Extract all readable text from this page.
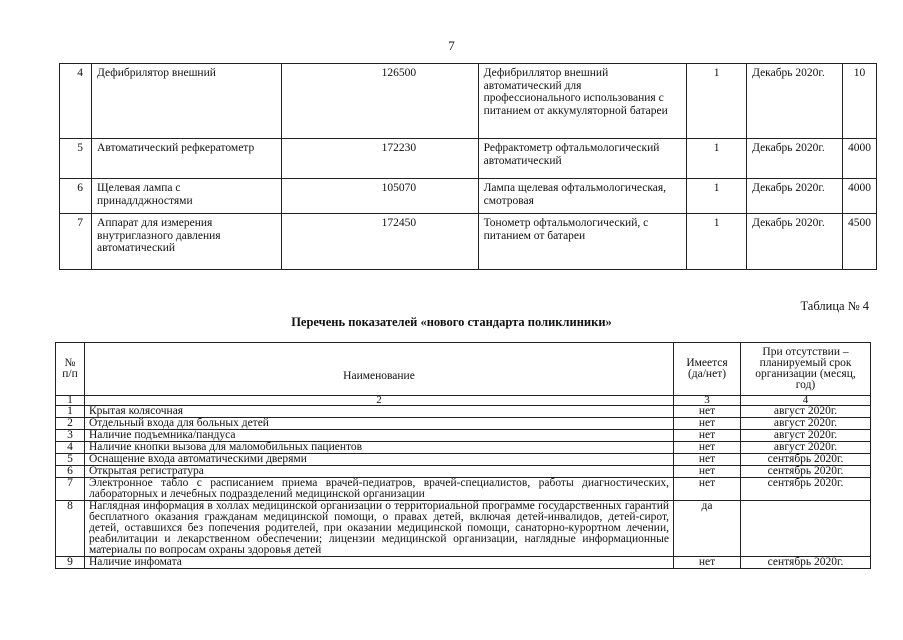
7
4	Дефибрилятор внешний	126500	Дефибриллятор внешний автоматический для профессионального использования с питанием от аккумуляторной батареи	1	Декабрь 2020г.	10
5	Автоматический рефкератометр	172230	Рефрактометр офтальмологический автоматический	1	Декабрь 2020г.	4000
6	Щелевая лампа с принадлджностями	105070	Лампа щелевая офтальмологическая, смотровая	1	Декабрь 2020г.	4000
7	Аппарат для измерения внутриглазного давления автоматический	172450	Тонометр офтальмологический, с питанием от батареи	1	Декабрь 2020г.	4500
Таблица № 4
Перечень показателей «нового стандарта поликлиники»
№ п/п	Наименование	Имеется (да/нет)	При отсутствии – планируемый срок организации (месяц, год)
1	2	3	4
1	Крытая колясочная	нет	август 2020г.
2	Отдельный входа для больных детей	нет	август 2020г.
3	Наличие подъемника/пандуса	нет	август 2020г.
4	Наличие кнопки вызова для маломобильных пациентов	нет	август 2020г.
5	Оснащение входа автоматическими дверями	нет	сентябрь 2020г.
6	Открытая регистратура	нет	сентябрь 2020г.
7	Электронное табло с расписанием приема врачей-педиатров, врачей-специалистов, работы диагностических, лабораторных и лечебных подразделений медицинской организации	нет	сентябрь 2020г.
8	Наглядная информация в холлах медицинской организации о территориальной программе государственных гарантий бесплатного оказания гражданам медицинской помощи, о правах детей, включая детей-инвалидов, детей-сирот, детей, оставшихся без попечения родителей, при оказании медицинской помощи, санаторно-курортном лечении, реабилитации и лекарственном обеспечении; лицензии медицинской организации, наглядные информационные материалы по вопросам охраны здоровья детей	да	
9	Наличие инфомата	нет	сентябрь 2020г.
